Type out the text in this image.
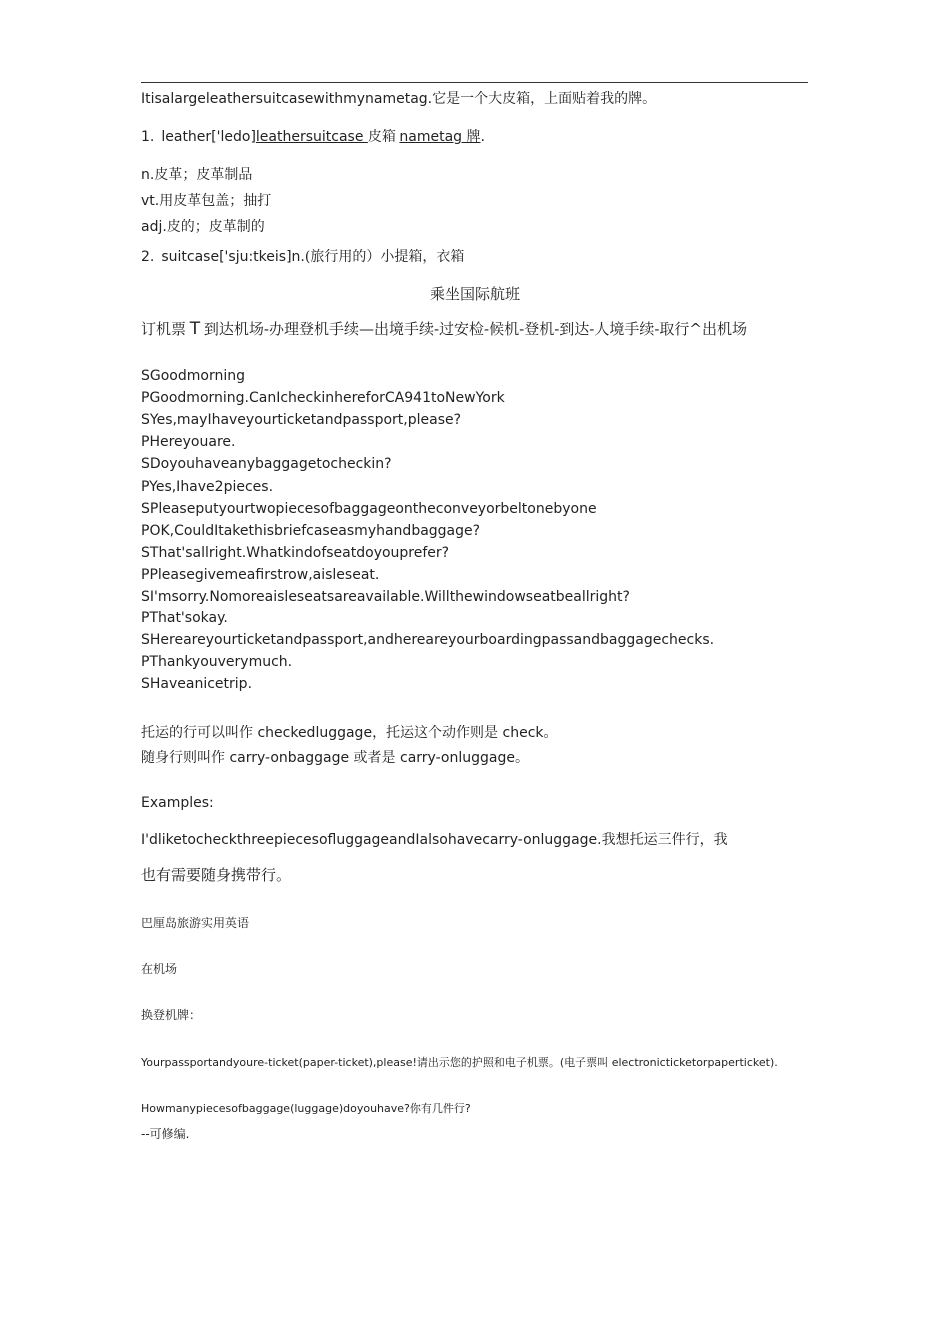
Itisalargeleathersuitcasewithmynametag.它是一个大皮箱，上面贴着我的牌。
1. leather['ledo]leathersuitcase 皮箱 nametag 牌.
n.皮革；皮革制品
vt.用皮革包盖；抽打
adj.皮的；皮革制的
2. suitcase['sju:tkeis]n.(旅行用的）小提箱，衣箱
乘坐国际航班
订机票 T 到达机场-办理登机手续—出境手续-过安检-候机-登机-到达-人境手续-取行^出机场
SGoodmorning
PGoodmorning.CanIcheckinhereforCA941toNewYork
SYes,mayIhaveyourticketandpassport,please?
PHereyouare.
SDoyouhaveanybaggagetocheckin?
PYes,Ihave2pieces.
SPleaseputyourtwopiecesofbaggageontheconveyorbeltonebyone
POK,CouldItakethisbriefcaseasmyhandbaggage?
SThat'sallright.Whatkindofseatdoyouprefer?
PPleasegivemeafirstrow,aisleseat.
SI'msorry.Nomoreaisleseatsareavailable.Willthewindowseatbeallright?
PThat'sokay.
SHereareyourticketandpassport,andhereareyourboardingpassandbaggagechecks.
PThankyouverymuch.
SHaveanicetrip.
托运的行可以叫作 checkedluggage，托运这个动作则是 check。
随身行则叫作 carry-onbaggage 或者是 carry-onluggage。
Examples:
I'dliketocheckthreepiecesofluggageandIalsohavecarry-onluggage.我想托运三件行，我
也有需要随身携带行。
巴厘岛旅游实用英语
在机场
换登机牌：
Yourpassportandyoure-ticket(paper-ticket),please!请出示您的护照和电子机票。(电子票叫 electronicticketorpaperticket).
Howmanypiecesofbaggage(luggage)doyouhave?你有几件行?
--可修编.
